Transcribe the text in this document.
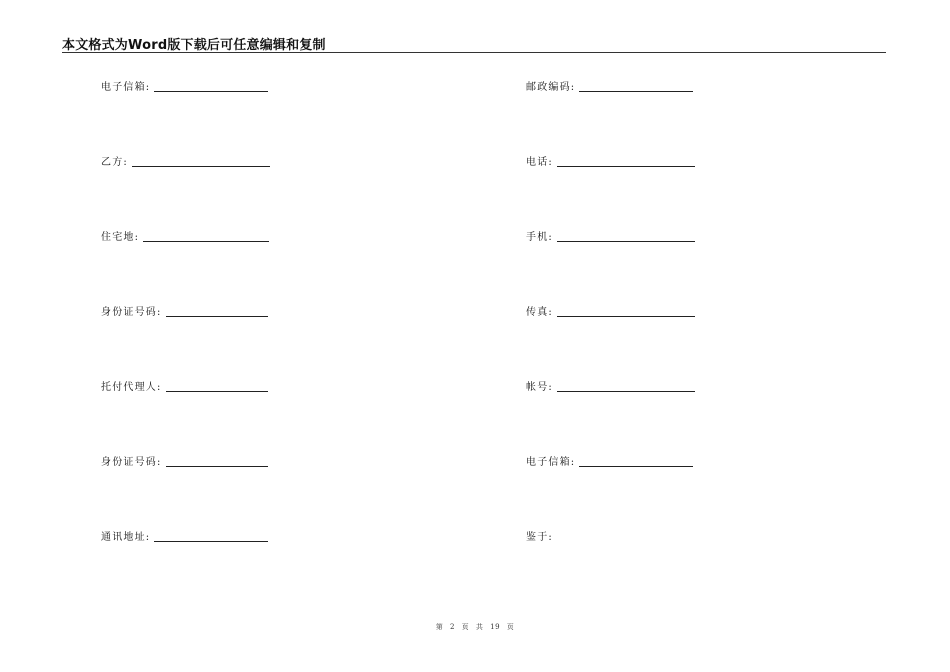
本文格式为Word版下载后可任意编辑和复制
电子信箱:
乙方:
住宅地:
身份证号码:
托付代理人:
身份证号码:
通讯地址:
邮政编码:
电话:
手机:
传真:
帐号:
电子信箱:
鉴于:
第 2 页 共 19 页
